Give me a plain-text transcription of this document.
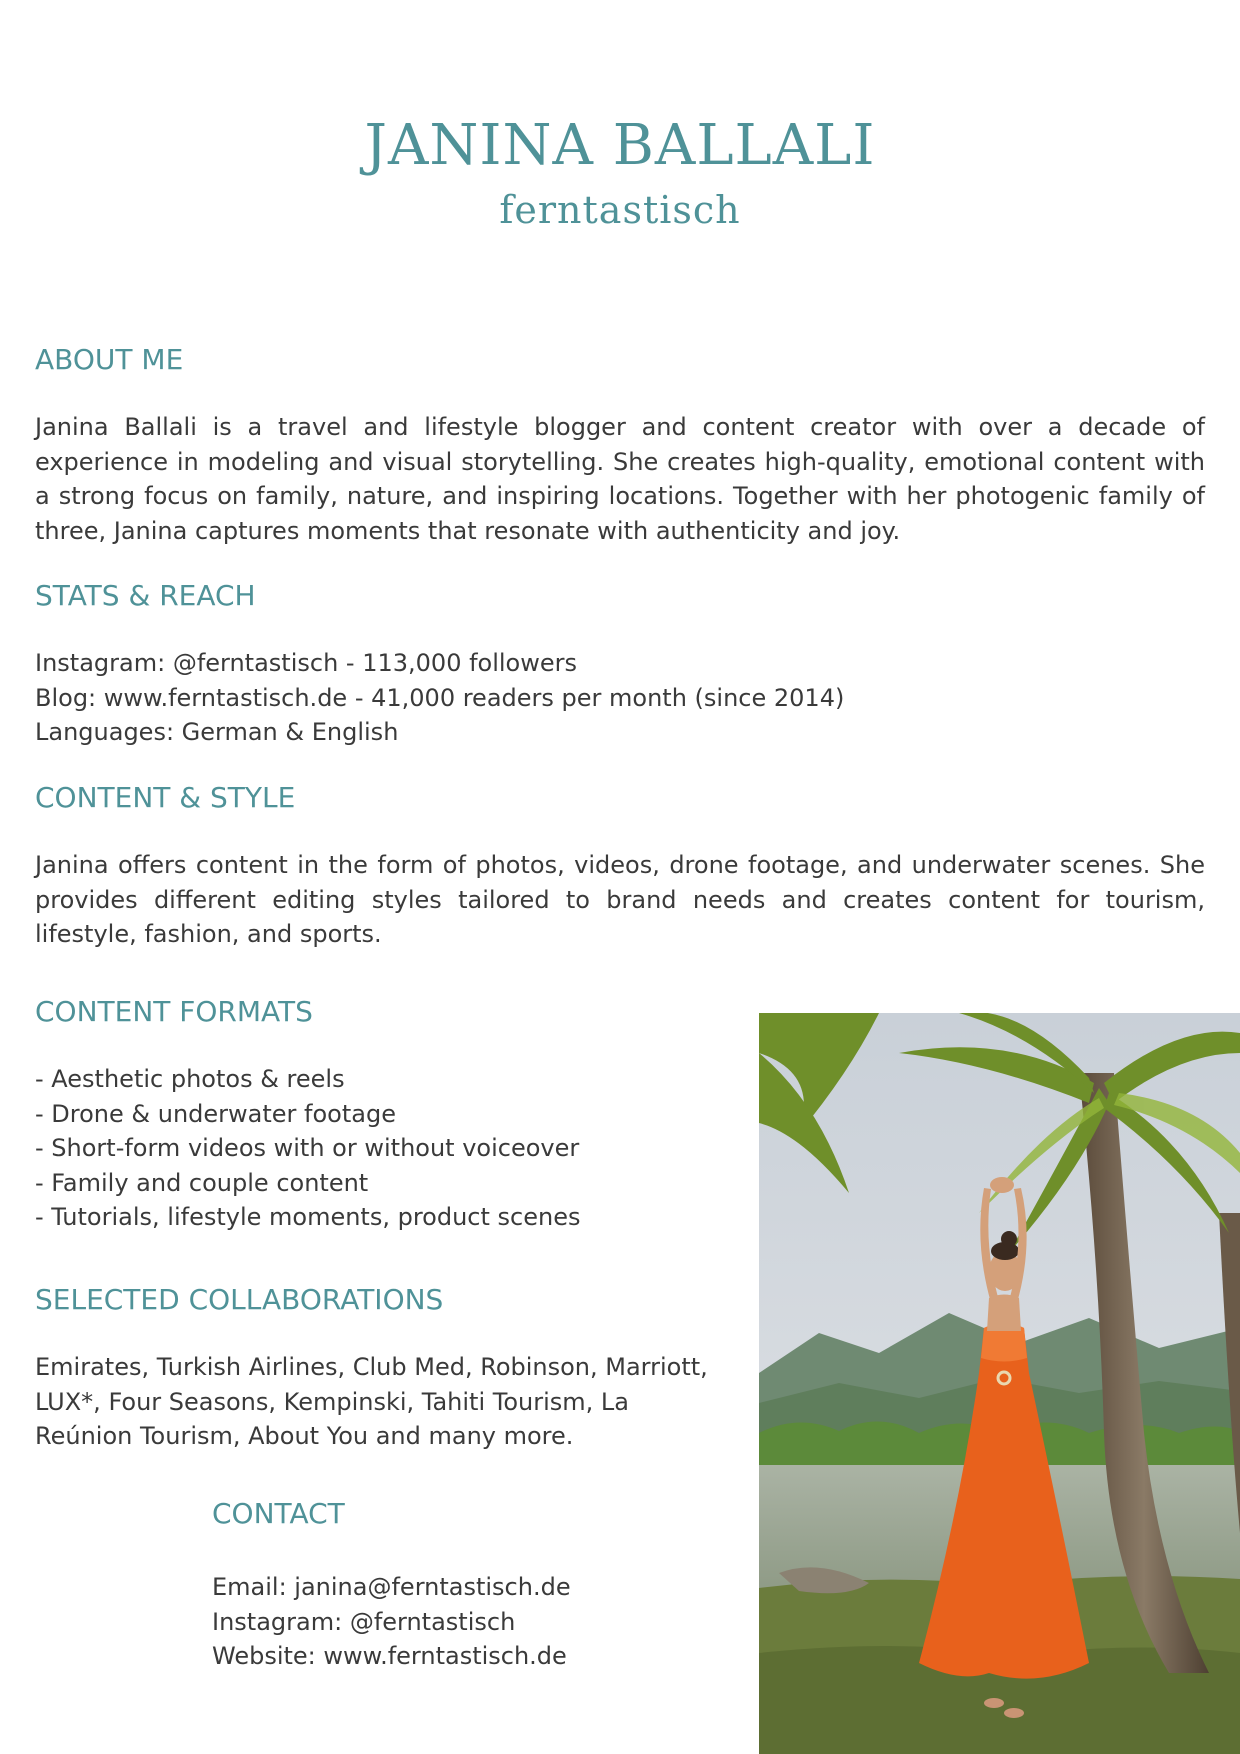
JANINA BALLALI
ferntastisch
ABOUT ME
Janina Ballali is a travel and lifestyle blogger and content creator with over a decade of experience in modeling and visual storytelling. She creates high-quality, emotional content with a strong focus on family, nature, and inspiring locations. Together with her photogenic family of three, Janina captures moments that resonate with authenticity and joy.
STATS & REACH
Instagram: @ferntastisch - 113,000 followers
Blog: www.ferntastisch.de - 41,000 readers per month (since 2014)
Languages: German & English
CONTENT & STYLE
Janina offers content in the form of photos, videos, drone footage, and underwater scenes. She provides different editing styles tailored to brand needs and creates content for tourism, lifestyle, fashion, and sports.
CONTENT FORMATS
- Aesthetic photos & reels
- Drone & underwater footage
- Short-form videos with or without voiceover
- Family and couple content
- Tutorials, lifestyle moments, product scenes
SELECTED COLLABORATIONS
Emirates, Turkish Airlines, Club Med, Robinson, Marriott,
LUX*, Four Seasons, Kempinski, Tahiti Tourism, La
Reúnion Tourism, About You and many more.
CONTACT
Email: janina@ferntastisch.de
Instagram: @ferntastisch
Website: www.ferntastisch.de
